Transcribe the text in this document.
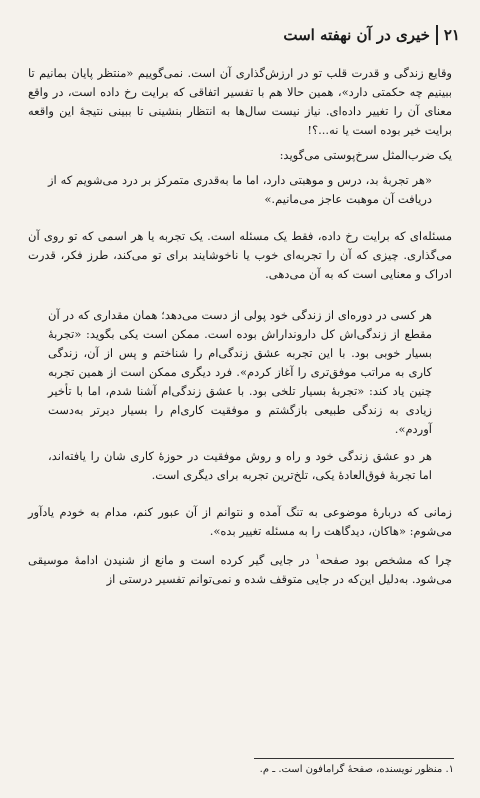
۲۱
خیری در آن نهفته است

وقایع زندگی و قدرت قلب تو در ارزش‌گذاری آن است. نمی‌گوییم «منتظر پایان بمانیم تا ببینیم چه حکمتی دارد»، همین حالا هم با تفسیر اتفاقی که برایت رخ داده است، در واقع معنای آن را تغییر داده‌ای. نیاز نیست سال‌ها به انتظار بنشینی تا ببینی نتیجهٔ این واقعه برایت خیر بوده است یا نه...؟!

یک ضرب‌المثل سرخ‌پوستی می‌گوید:

«هر تجربهٔ بد، درس و موهبتی دارد، اما ما به‌قدری متمرکز بر درد می‌شویم که از دریافت آن موهبت عاجز می‌مانیم.»

مسئله‌ای که برایت رخ داده، فقط یک مسئله است. یک تجربه یا هر اسمی که تو روی آن می‌گذاری. چیزی که آن را تجربه‌ای خوب یا ناخوشایند برای تو می‌کند، طرز فکر، قدرت ادراک و معنایی است که به آن می‌دهی.

هر کسی در دوره‌ای از زندگی خود پولی از دست می‌دهد؛ همان مقداری که در آن مقطع از زندگی‌اش کل دارونداراش بوده است. ممکن است یکی بگوید: «تجربهٔ بسیار خوبی بود. با این تجربه عشق زندگی‌ام را شناختم و پس از آن، زندگی کاری به مراتب موفق‌تری را آغاز کردم». فرد دیگری ممکن است از همین تجربه چنین یاد کند: «تجربهٔ بسیار تلخی بود. با عشق زندگی‌ام آشنا شدم، اما با تأخیر زیادی به زندگی طبیعی بازگشتم و موفقیت کاری‌ام را بسیار دیرتر به‌دست آوردم».

هر دو عشق زندگی خود و راه و روش موفقیت در حوزهٔ کاری شان را یافته‌اند، اما تجربهٔ فوق‌العادهٔ یکی، تلخ‌ترین تجربه برای دیگری است.

زمانی که دربارهٔ موضوعی به تنگ آمده و نتوانم از آن عبور کنم، مدام به خودم یادآور می‌شوم: «هاکان، دیدگاهت را به مسئله تغییر بده».

چرا که مشخص بود صفحه$^۱$ در جایی گیر کرده است و مانع از شنیدن ادامهٔ موسیقی می‌شود. به‌دلیل این‌که در جایی متوقف شده و نمی‌توانم تفسیر درستی از

۱. منظور نویسنده، صفحهٔ گرامافون است. ـ م.
